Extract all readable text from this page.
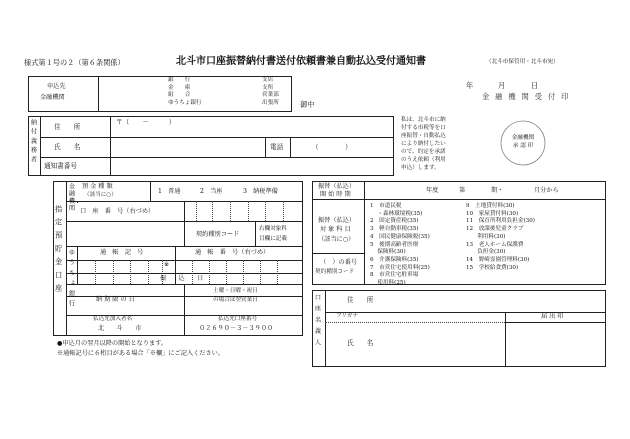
様式第１号の２（第６条関係）	北斗市口座振替納付書送付依頼書兼自動払込受付通知書	（北斗市保管用・北斗市宛）
年	月	日
申込先
金融機関
銀　　行
金　　庫
組　　合
ゆうちょ銀行
支店
支所
営業部
出張所	御中
金融機関受付印
金融機関
承 認 印
私は、北斗市に納
付する市税等を口
座振替・自動払込
により納付したい
ので、約定を承諾
のうえ依頼（利用
申込）します。
納付義務者	住　　所
〒（　　－　　　）
氏　　名	電話	（　　　　）
通知書番号
指定預貯金口座
金融機関
ゆうちょ銀行
預 金 種 類
（該当に○）	1　普通	2　当座	3　納税準備
口　座　番　号（右づめ）
契約種別コード
右欄対象科
目欄に記載
通　帳　記　号	通　帳　番　号（右づめ）
※
振　　込　　日
納 期 限 の 日
土曜・日曜・祝日
の場合は翌営業日
払込先加入者名
北　　斗　　市
払込先口座番号
０２６９０－３－３９００
●申込月の翌月以降の開始となります。
※通帳記号に６桁目がある場合「※欄」にご記入ください。
振替（払込）
開 始 時 期
年度	第	期・	月分から
振替（払込）
対 象 科 目
（該当に○）
（　）の番号
契約種別コード
1　市道民税
　 ・森林環境税(35)
2　固定資産税(35)
3　軽自動車税(35)
4　国民健康保険税(35)
5　後期高齢者医療
　 保険料(30)
6　介護保険料(35)
7　市営住宅使用料(25)
8　市営住宅駐車場
　 使用料(25)
9　土地貸付料(30)
10　家屋貸付料(30)
11　保育所利用負担金(30)
12　放課後児童クラブ
　　利用料(30)
13　老人ホーム保護費
　　負担金(30)
14　野崎霊園管理料(30)
15　学校給食費(30)
口座名義人	住　　所
フリガナ	届 出 印
氏　　名
